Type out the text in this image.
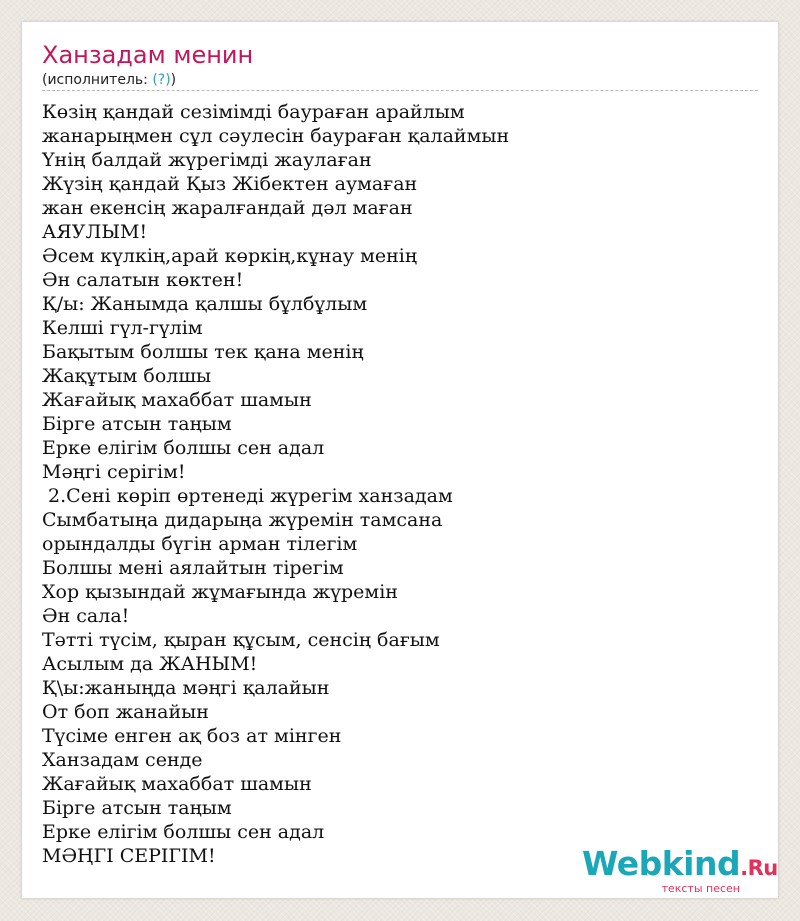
Ханзадам менин
(исполнитель: (?))
Көзің қандай сезімімді бауpаған арайлым
жанарыңмен сұл сәулесін бауpаған қалаймын
Үнің балдай жүрегімді жаулаған
Жүзің қандай Қыз Жібектен аумаған
жан екенсің жаралғандай дәл маған
АЯУЛЫМ!
Әсем күлкің,арай көркің,кұнау менің
Ән салатын көктен!
Қ/ы: Жанымда қалшы бұлбұлым
Келші гүл-гүлім
Бақытым болшы тек қана менің
Жақұтым болшы
Жағайық махаббат шамын
Бірге атсын таңым
Ерке елігім болшы сен адал
Мәңгі серігім!
2.Сені көріп өртенеді жүрегім ханзадам
Сымбатыңа дидарыңа жүремін тамсана
орындалды бүгін арман тілегім
Болшы мені аялайтын тірегім
Хор қызындай жұмағында жүремін
Ән сала!
Тәтті түсім, қыран құсым, сенсің бағым
Асылым да ЖАНЫМ!
Қ\ы:жаныңда мәңгі қалайын
От боп жанайын
Түсіме енген ақ боз ат мінген
Ханзадам сенде
Жағайық махаббат шамын
Бірге атсын таңым
Ерке елігім болшы сен адал
МӘҢГІ СЕРІГІМ!	Webkind.Ru
тексты песен
